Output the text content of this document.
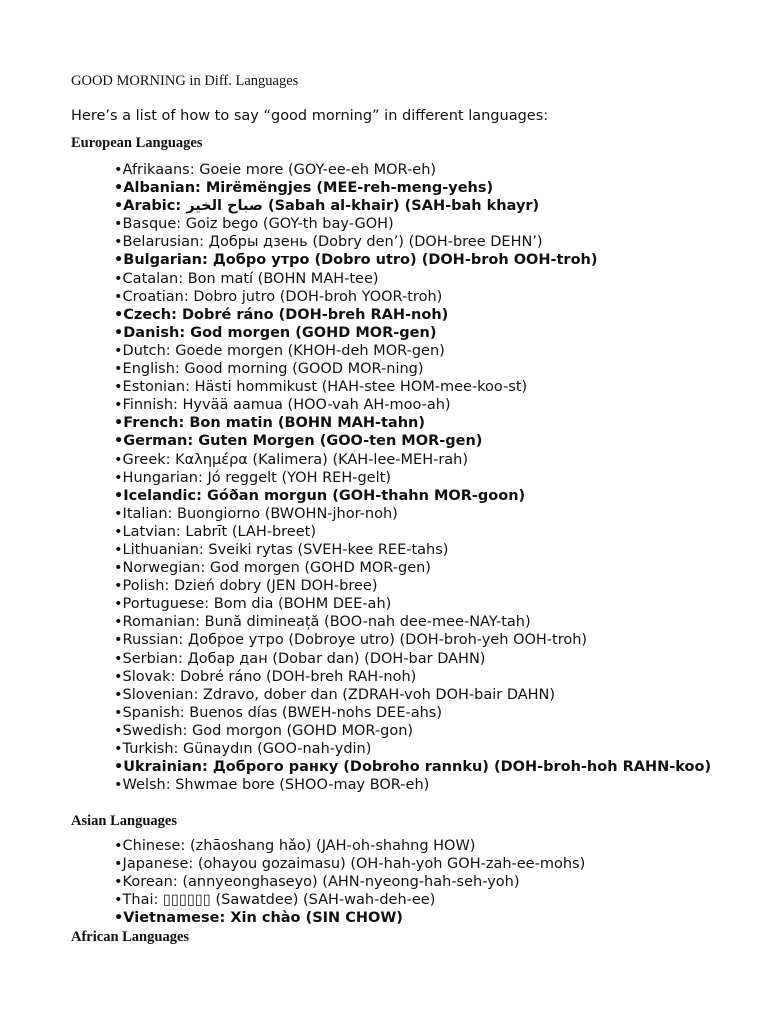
GOOD MORNING in Diff. Languages
Here’s a list of how to say “good morning” in different languages:
European Languages
•Afrikaans: Goeie more (GOY-ee-eh MOR-eh)
•Albanian: Mirëmëngjes (MEE-reh-meng-yehs)
•Arabic: صباح الخير (Sabah al-khair) (SAH-bah khayr)
•Basque: Goiz bego (GOY-th bay-GOH)
•Belarusian: Добры дзень (Dobry den’) (DOH-bree DEHN’)
•Bulgarian: Добро утро (Dobro utro) (DOH-broh OOH-troh)
•Catalan: Bon matí (BOHN MAH-tee)
•Croatian: Dobro jutro (DOH-broh YOOR-troh)
•Czech: Dobré ráno (DOH-breh RAH-noh)
•Danish: God morgen (GOHD MOR-gen)
•Dutch: Goede morgen (KHOH-deh MOR-gen)
•English: Good morning (GOOD MOR-ning)
•Estonian: Hästi hommikust (HAH-stee HOM-mee-koo-st)
•Finnish: Hyvää aamua (HOO-vah AH-moo-ah)
•French: Bon matin (BOHN MAH-tahn)
•German: Guten Morgen (GOO-ten MOR-gen)
•Greek: Καλημέρα (Kalimera) (KAH-lee-MEH-rah)
•Hungarian: Jó reggelt (YOH REH-gelt)
•Icelandic: Góðan morgun (GOH-thahn MOR-goon)
•Italian: Buongiorno (BWOHN-jhor-noh)
•Latvian: Labrīt (LAH-breet)
•Lithuanian: Sveiki rytas (SVEH-kee REE-tahs)
•Norwegian: God morgen (GOHD MOR-gen)
•Polish: Dzień dobry (JEN DOH-bree)
•Portuguese: Bom dia (BOHM DEE-ah)
•Romanian: Bună dimineață (BOO-nah dee-mee-NAY-tah)
•Russian: Доброе утро (Dobroye utro) (DOH-broh-yeh OOH-troh)
•Serbian: Добар дан (Dobar dan) (DOH-bar DAHN)
•Slovak: Dobré ráno (DOH-breh RAH-noh)
•Slovenian: Zdravo, dober dan (ZDRAH-voh DOH-bair DAHN)
•Spanish: Buenos días (BWEH-nohs DEE-ahs)
•Swedish: God morgon (GOHD MOR-gon)
•Turkish: Günaydın (GOO-nah-ydin)
•Ukrainian: Доброго ранку (Dobroho rannku) (DOH-broh-hoh RAHN-koo)
•Welsh: Shwmae bore (SHOO-may BOR-eh)
Asian Languages
•Chinese: (zhāoshang hǎo) (JAH-oh-shahng HOW)
•Japanese: (ohayou gozaimasu) (OH-hah-yoh GOH-zah-ee-mohs)
•Korean: (annyeonghaseyo) (AHN-nyeong-hah-seh-yoh)
•Thai: ▯▯▯▯▯▯ (Sawatdee) (SAH-wah-deh-ee)
•Vietnamese: Xin chào (SIN CHOW)
African Languages
